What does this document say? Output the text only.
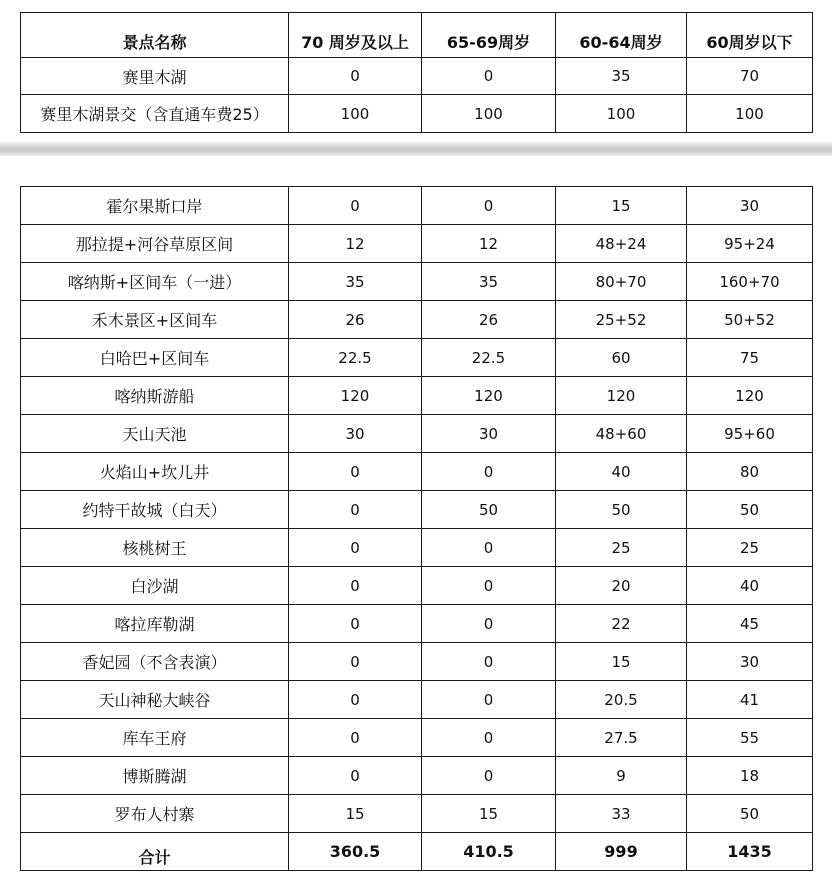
景点名称	70 周岁及以上	65-69周岁	60-64周岁	60周岁以下
赛里木湖	0	0	35	70
赛里木湖景交（含直通车费25）	100	100	100	100
霍尔果斯口岸	0	0	15	30
那拉提+河谷草原区间	12	12	48+24	95+24
喀纳斯+区间车（一进）	35	35	80+70	160+70
禾木景区+区间车	26	26	25+52	50+52
白哈巴+区间车	22.5	22.5	60	75
喀纳斯游船	120	120	120	120
天山天池	30	30	48+60	95+60
火焰山+坎儿井	0	0	40	80
约特干故城（白天）	0	50	50	50
核桃树王	0	0	25	25
白沙湖	0	0	20	40
喀拉库勒湖	0	0	22	45
香妃园（不含表演）	0	0	15	30
天山神秘大峡谷	0	0	20.5	41
库车王府	0	0	27.5	55
博斯腾湖	0	0	9	18
罗布人村寨	15	15	33	50
合计	360.5	410.5	999	1435
